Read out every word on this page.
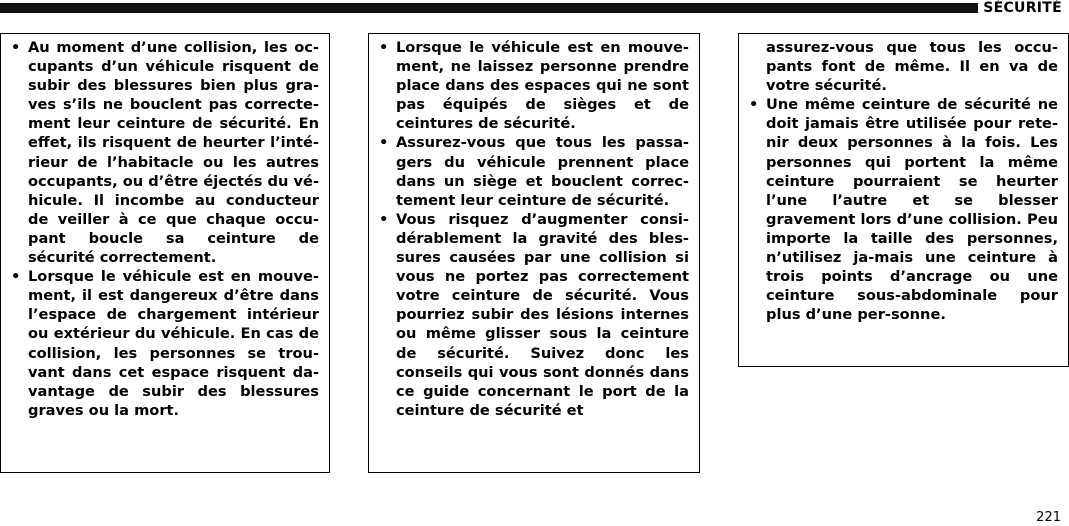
SÉCURITÉ

• Au moment d’une collision, les oc-cupants d’un véhicule risquent de subir des blessures bien plus gra-ves s’ils ne bouclent pas correcte-ment leur ceinture de sécurité. En effet, ils risquent de heurter l’inté-rieur de l’habitacle ou les autres occupants, ou d’être éjectés du vé-hicule. Il incombe au conducteur de veiller à ce que chaque occu-pant boucle sa ceinture de sécurité correctement.

• Lorsque le véhicule est en mouve-ment, il est dangereux d’être dans l’espace de chargement intérieur ou extérieur du véhicule. En cas de collision, les personnes se trou-vant dans cet espace risquent da-vantage de subir des blessures graves ou la mort.

• Lorsque le véhicule est en mouve-ment, ne laissez personne prendre place dans des espaces qui ne sont pas équipés de sièges et de ceintures de sécurité.

• Assurez-vous que tous les passa-gers du véhicule prennent place dans un siège et bouclent correc-tement leur ceinture de sécurité.

• Vous risquez d’augmenter consi-dérablement la gravité des bles-sures causées par une collision si vous ne portez pas correctement votre ceinture de sécurité. Vous pourriez subir des lésions internes ou même glisser sous la ceinture de sécurité. Suivez donc les conseils qui vous sont donnés dans ce guide concernant le port de la ceinture de sécurité et

assurez-vous que tous les occu-pants font de même. Il en va de votre sécurité.

• Une même ceinture de sécurité ne doit jamais être utilisée pour rete-nir deux personnes à la fois. Les personnes qui portent la même ceinture pourraient se heurter l’une l’autre et se blesser gravement lors d’une collision. Peu importe la taille des personnes, n’utilisez ja-mais une ceinture à trois points d’ancrage ou une ceinture sous-abdominale pour plus d’une per-sonne.

221
